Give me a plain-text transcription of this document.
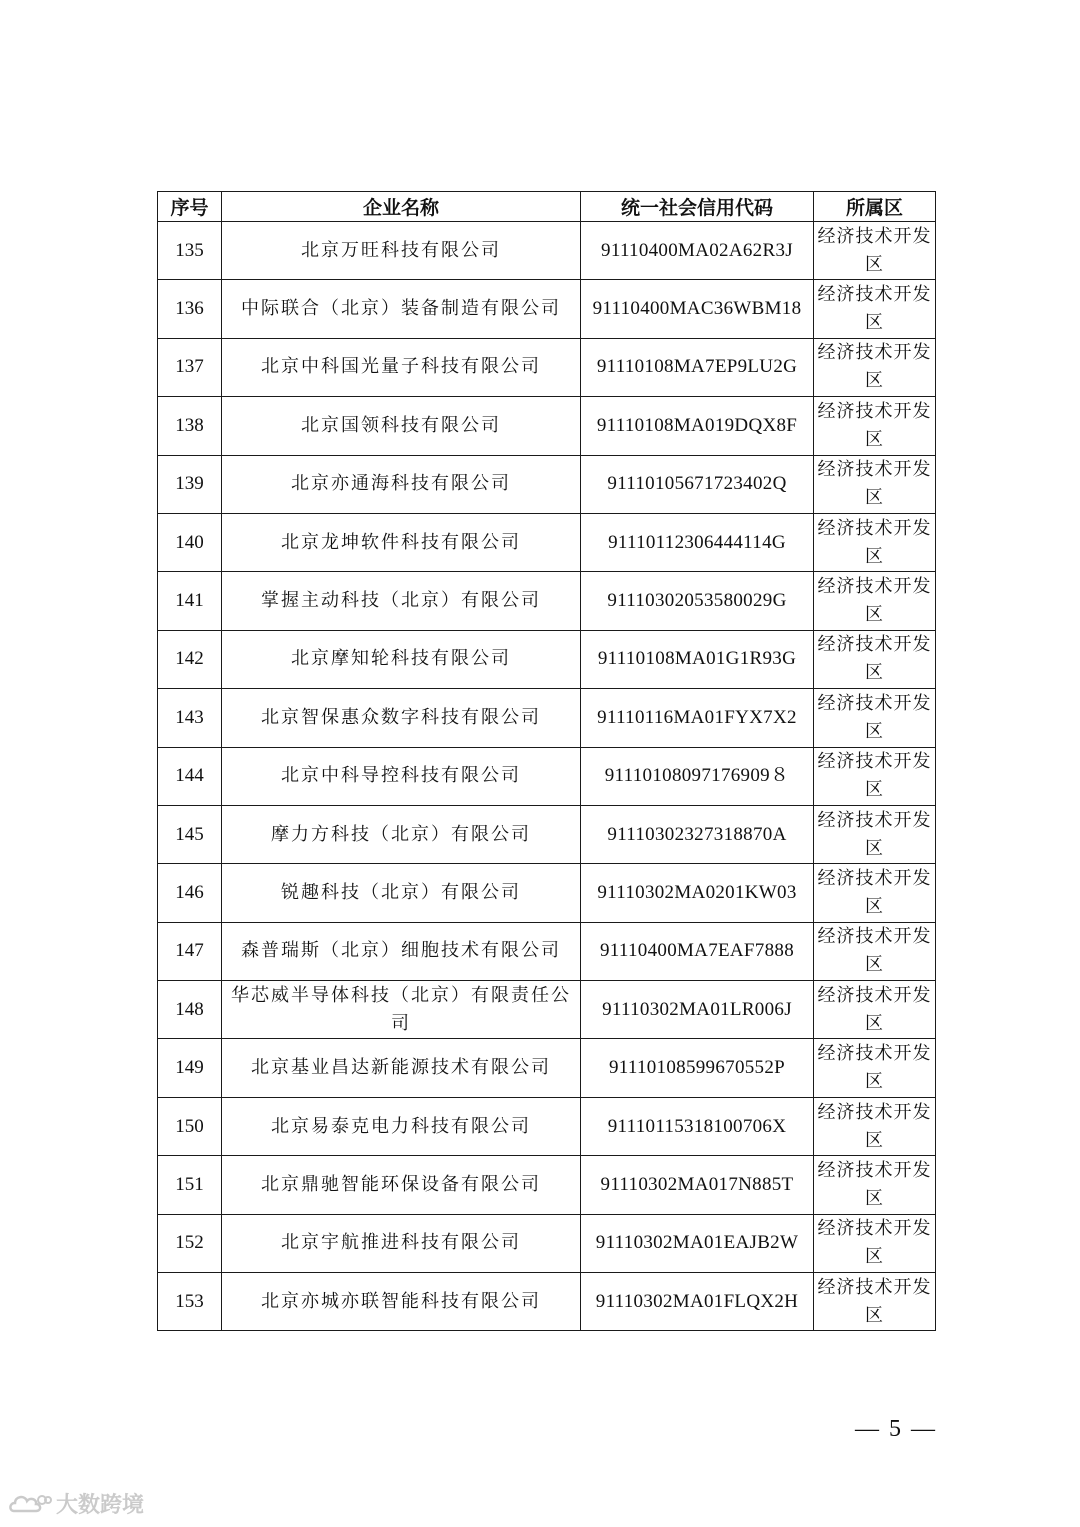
序号	企业名称	统一社会信用代码	所属区
135	北京万旺科技有限公司	91110400MA02A62R3J	经济技术开发区
136	中际联合（北京）装备制造有限公司	91110400MAC36WBM18	经济技术开发区
137	北京中科国光量子科技有限公司	91110108MA7EP9LU2G	经济技术开发区
138	北京国领科技有限公司	91110108MA019DQX8F	经济技术开发区
139	北京亦通海科技有限公司	91110105671723402Q	经济技术开发区
140	北京龙坤软件科技有限公司	91110112306444114G	经济技术开发区
141	掌握主动科技（北京）有限公司	91110302053580029G	经济技术开发区
142	北京摩知轮科技有限公司	91110108MA01G1R93G	经济技术开发区
143	北京智保惠众数字科技有限公司	91110116MA01FYX7X2	经济技术开发区
144	北京中科导控科技有限公司	91110108097176909８	经济技术开发区
145	摩力方科技（北京）有限公司	91110302327318870A	经济技术开发区
146	锐趣科技（北京）有限公司	91110302MA0201KW03	经济技术开发区
147	森普瑞斯（北京）细胞技术有限公司	91110400MA7EAF7888	经济技术开发区
148	华芯威半导体科技（北京）有限责任公司	91110302MA01LR006J	经济技术开发区
149	北京基业昌达新能源技术有限公司	91110108599670552P	经济技术开发区
150	北京易泰克电力科技有限公司	91110115318100706X	经济技术开发区
151	北京鼎驰智能环保设备有限公司	91110302MA017N885T	经济技术开发区
152	北京宇航推进科技有限公司	91110302MA01EAJB2W	经济技术开发区
153	北京亦城亦联智能科技有限公司	91110302MA01FLQX2H	经济技术开发区
— 5 —
大数跨境
